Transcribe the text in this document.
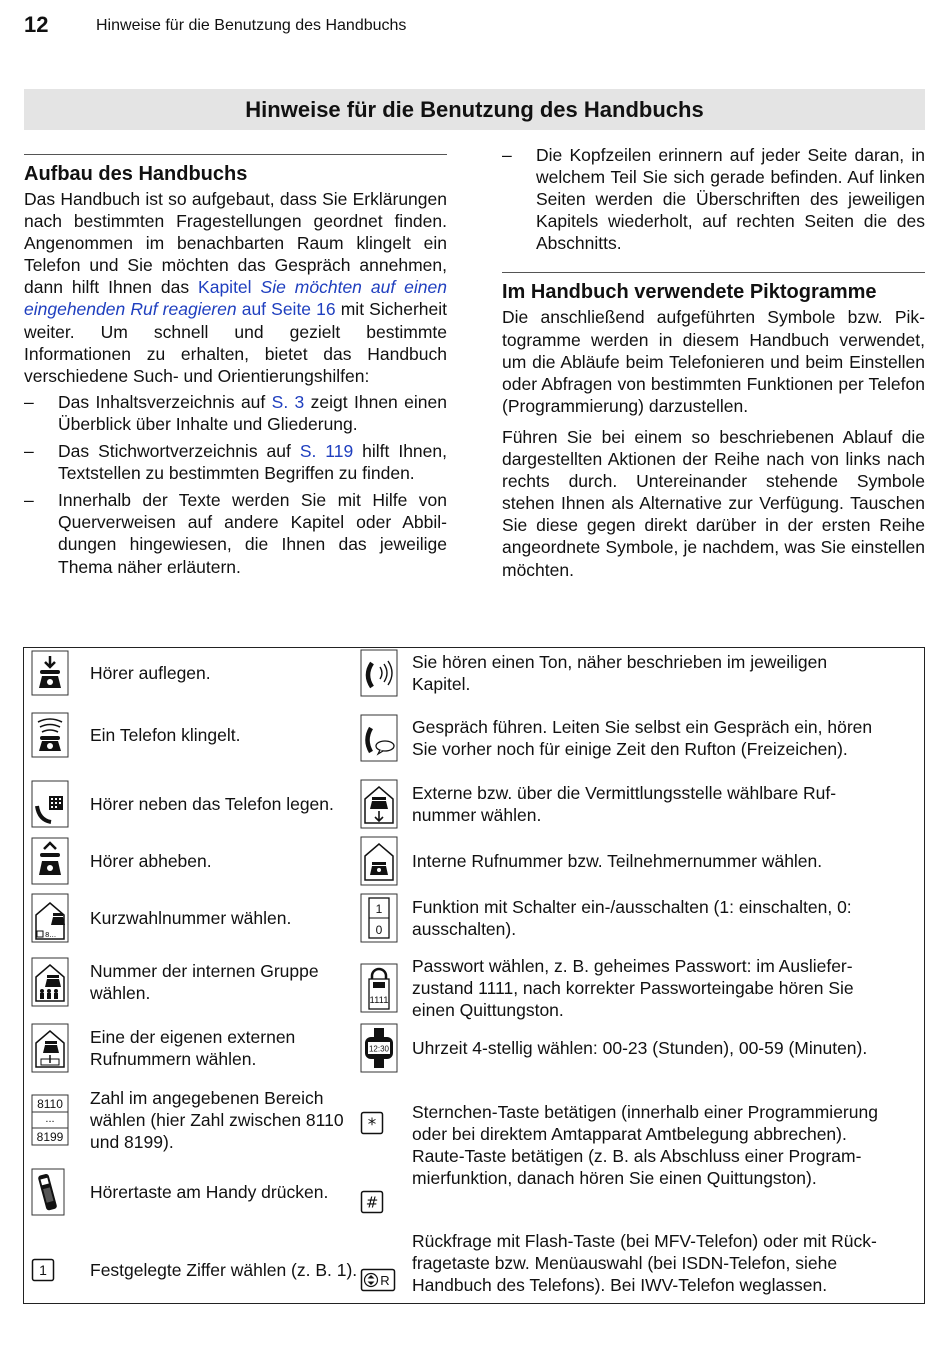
12	Hinweise für die Benutzung des Handbuchs
Hinweise für die Benutzung des Handbuchs
Aufbau des Handbuchs

Das Handbuch ist so aufgebaut, dass Sie Erklärungen nach bestimmten Fragestellungen geordnet finden. Angenommen im benachbarten Raum klingelt ein Telefon und Sie möchten das Gespräch annehmen, dann hilft Ihnen das Kapitel Sie möchten auf einen eingehenden Ruf reagieren auf Seite 16 mit Sicherheit weiter. Um schnell und gezielt bestimmte Informationen zu erhalten, bietet das Handbuch verschiedene Such- und Orientierungshilfen:

– Das Inhaltsverzeichnis auf S. 3 zeigt Ihnen einen Überblick über Inhalte und Gliederung.
– Das Stichwortverzeichnis auf S. 119 hilft Ihnen, Textstellen zu bestimmten Begriffen zu finden.
– Innerhalb der Texte werden Sie mit Hilfe von Querverweisen auf andere Kapitel oder Abbildungen hingewiesen, die Ihnen das jeweilige Thema näher erläutern.
– Die Kopfzeilen erinnern auf jeder Seite daran, in welchem Teil Sie sich gerade befinden. Auf linken Seiten werden die Überschriften des jeweiligen Kapitels wiederholt, auf rechten Seiten die des Abschnitts.
Im Handbuch verwendete Piktogramme

Die anschließend aufgeführten Symbole bzw. Piktogramme werden in diesem Handbuch verwendet, um die Abläufe beim Telefonieren und beim Einstellen oder Abfragen von bestimmten Funktionen per Telefon (Programmierung) darzustellen.

Führen Sie bei einem so beschriebenen Ablauf die dargestellten Aktionen der Reihe nach von links nach rechts durch. Untereinander stehende Symbole stehen Ihnen als Alternative zur Verfügung. Tauschen Sie diese gegen direkt darüber in der ersten Reihe angeordnete Symbole, je nachdem, was Sie einstellen möchten.

Hörer auflegen.
Ein Telefon klingelt.
Hörer neben das Telefon legen.
Hörer abheben.
8...
Kurzwahlnummer wählen.
Nummer der internen Gruppe wählen.
Eine der eigenen externen Rufnummern wählen.
8110
...
8199
Zahl im angegebenen Bereich wählen (hier Zahl zwischen 8110 und 8199).
Hörertaste am Handy drücken.
1 Festgelegte Ziffer wählen (z. B. 1).
Sie hören einen Ton, näher beschrieben im jeweiligen Kapitel.
Gespräch führen. Leiten Sie selbst ein Gespräch ein, hören Sie vorher noch für einige Zeit den Rufton (Freizeichen).
Externe bzw. über die Vermittlungsstelle wählbare Rufnummer wählen.
Interne Rufnummer bzw. Teilnehmernummer wählen.
1
0
Funktion mit Schalter ein-/ausschalten (1: einschalten, 0: ausschalten).
1111
Passwort wählen, z. B. geheimes Passwort: im Auslieferzustand 1111, nach korrekter Passworteingabe hören Sie einen Quittungston.
12:30 Uhrzeit 4-stellig wählen: 00-23 (Stunden), 00-59 (Minuten).
*
Sternchen-Taste betätigen (innerhalb einer Programmierung oder bei direktem Amtapparat Amtbelegung abbrechen).
#
Raute-Taste betätigen (z. B. als Abschluss einer Programmierfunktion, danach hören Sie einen Quittungston).
R
Rückfrage mit Flash-Taste (bei MFV-Telefon) oder mit Rückfragetaste bzw. Menüauswahl (bei ISDN-Telefon, siehe Handbuch des Telefons). Bei IWV-Telefon weglassen.
